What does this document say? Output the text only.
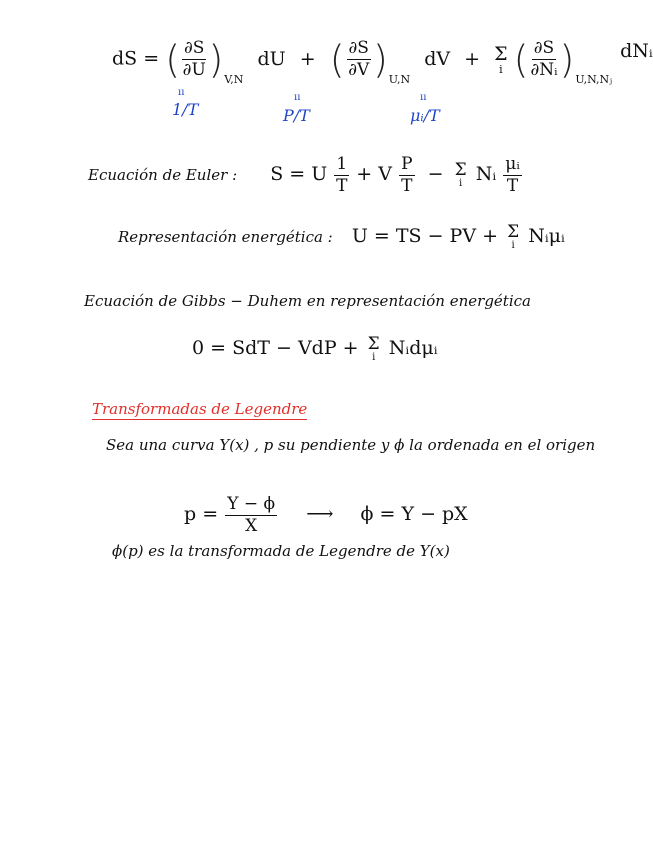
dS = ( $\frac{\partial S}{\partial U} )_{V,N}$ dU + ( $\frac{\partial S}{\partial V} )_{U,N}$ dV + Σ
i ( $\frac{\partial S}{\text{∂Nᵢ}} )_{U,N,Nⱼ}$ dNᵢ
ıı
1/T
ıı
P/T
ıı
μᵢ/T
Ecuación de Euler : S = U $\frac{1}{T} + V \frac{P}{T} - \Sigma$
i Nᵢ $\frac{\text{μᵢ}}{T}$
Representación energética : U = TS − PV + Σ
i Nᵢμᵢ
Ecuación de Gibbs − Duhem en representación energética
0 = SdT − VdP + Σ
i Nᵢdμᵢ
Transformadas de Legendre
Sea una curva Y(x) , p su pendiente y ϕ la ordenada en el origen
$p = \frac{Y - \phi}{X}$ ⟶ ϕ = Y − pX
ϕ(p) es la transformada de Legendre de Y(x)
